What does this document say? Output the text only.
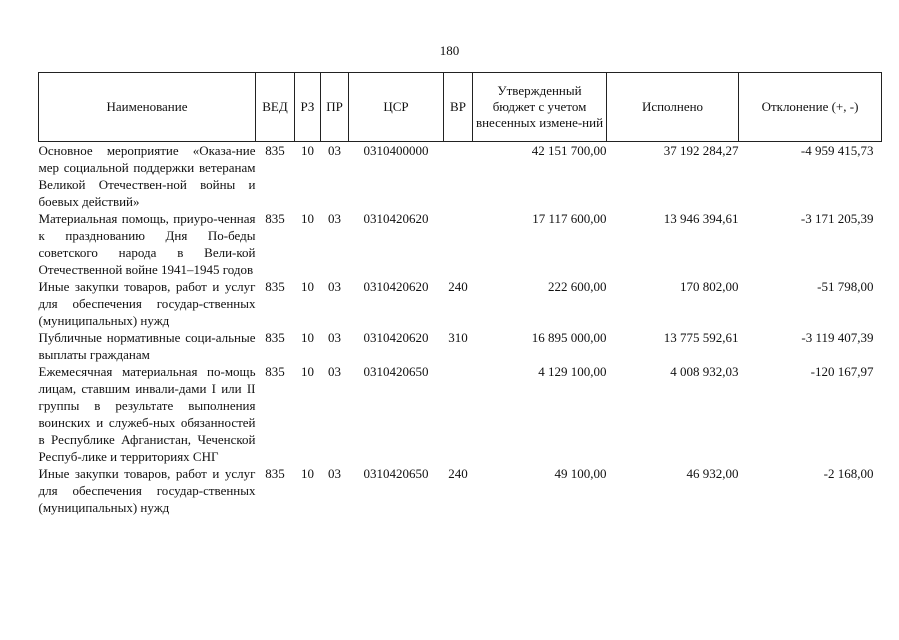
180
Наименование	ВЕД	РЗ	ПР	ЦСР	ВР	Утвержденный бюджет с учетом внесенных измене-ний	Исполнено	Отклонение (+, -)
Основное мероприятие «Оказа-ние мер социальной поддержки ветеранам Великой Отечествен-ной войны и боевых действий»	835	10	03	0310400000		42 151 700,00	37 192 284,27	-4 959 415,73
Материальная помощь, приуро-ченная к празднованию Дня По-беды советского народа в Вели-кой Отечественной войне 1941–1945 годов	835	10	03	0310420620		17 117 600,00	13 946 394,61	-3 171 205,39
Иные закупки товаров, работ и услуг для обеспечения государ-ственных (муниципальных) нужд	835	10	03	0310420620	240	222 600,00	170 802,00	-51 798,00
Публичные нормативные соци-альные выплаты гражданам	835	10	03	0310420620	310	16 895 000,00	13 775 592,61	-3 119 407,39
Ежемесячная материальная по-мощь лицам, ставшим инвали-дами I или II группы в результате выполнения воинских и служеб-ных обязанностей в Республике Афганистан, Чеченской Респуб-лике и территориях СНГ	835	10	03	0310420650		4 129 100,00	4 008 932,03	-120 167,97
Иные закупки товаров, работ и услуг для обеспечения государ-ственных (муниципальных) нужд	835	10	03	0310420650	240	49 100,00	46 932,00	-2 168,00
